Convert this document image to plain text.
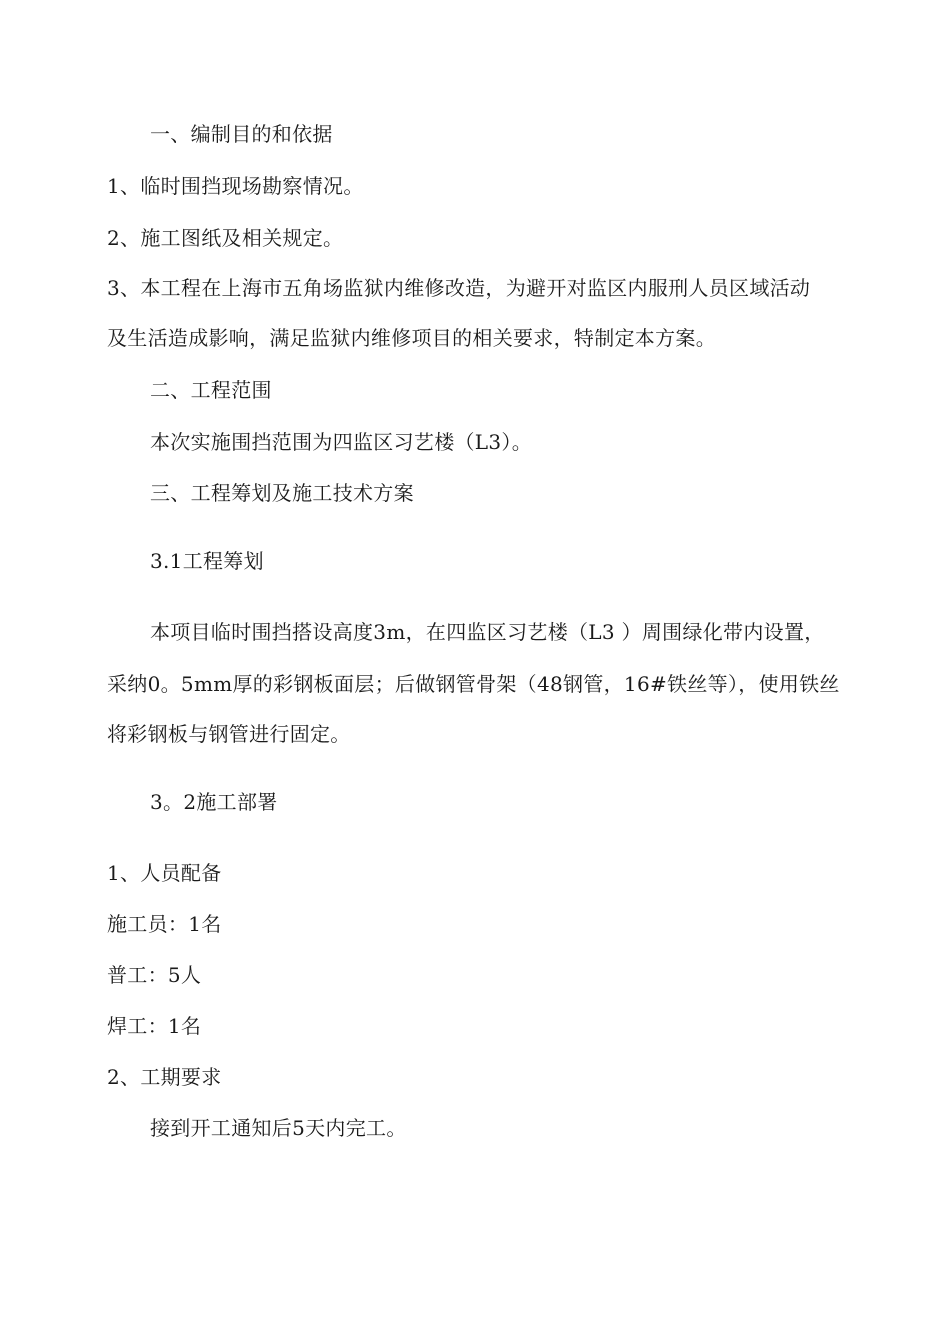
一、编制目的和依据

1、临时围挡现场勘察情况。

2、施工图纸及相关规定。

3、本工程在上海市五角场监狱内维修改造，为避开对监区内服刑人员区域活动

及生活造成影响，满足监狱内维修项目的相关要求，特制定本方案。

二、工程范围

本次实施围挡范围为四监区习艺楼（L3）。

三、工程筹划及施工技术方案

3.1工程筹划

本项目临时围挡搭设高度3m，在四监区习艺楼（L3 ）周围绿化带内设置，

采纳0。5mm厚的彩钢板面层；后做钢管骨架（48钢管，16#铁丝等），使用铁丝

将彩钢板与钢管进行固定。

3。2施工部署

1、人员配备

施工员：1名

普工：5人

焊工：1名

2、工期要求

接到开工通知后5天内完工。
